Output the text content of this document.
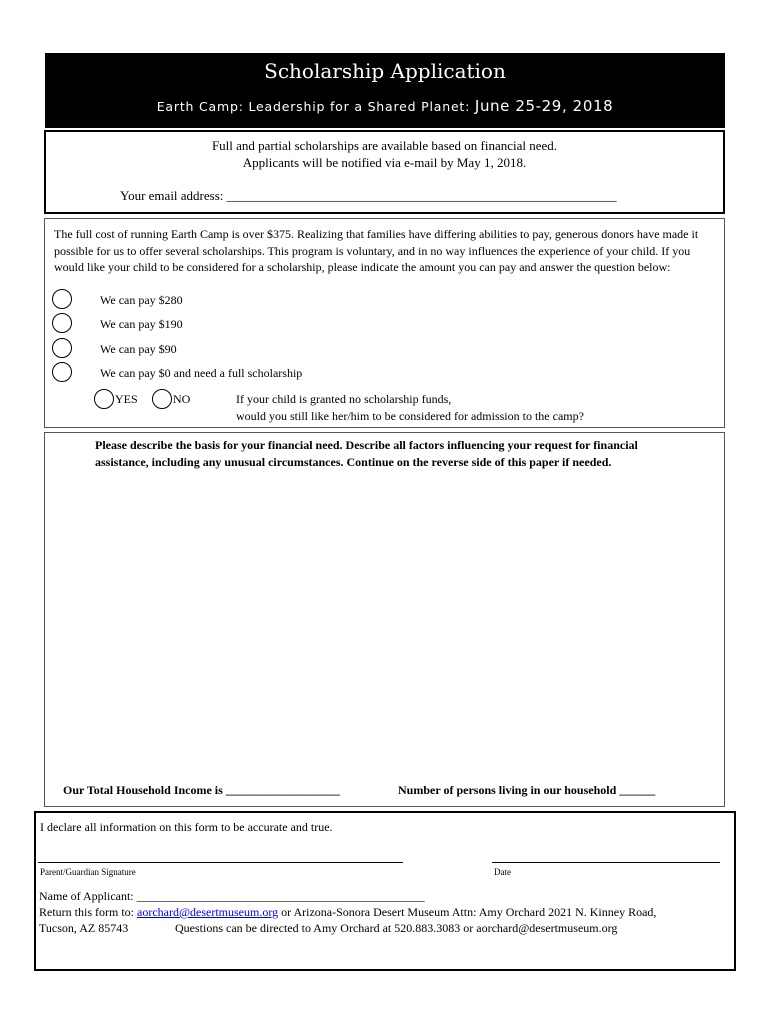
Scholarship Application
Earth Camp: Leadership for a Shared Planet: June 25-29, 2018
Full and partial scholarships are available based on financial need.
Applicants will be notified via e-mail by May 1, 2018.
Your email address: ____________________________________________________________
The full cost of running Earth Camp is over $375. Realizing that families have differing abilities to pay, generous donors have made it possible for us to offer several scholarships. This program is voluntary, and in no way influences the experience of your child. If you would like your child to be considered for a scholarship, please indicate the amount you can pay and answer the question below:
We can pay $280
We can pay $190
We can pay $90
We can pay $0 and need a full scholarship
YES	NO	If your child is granted no scholarship funds,
would you still like her/him to be considered for admission to the camp?
Please describe the basis for your financial need. Describe all factors influencing your request for financial assistance, including any unusual circumstances. Continue on the reverse side of this paper if needed.
Our Total Household Income is ___________________	Number of persons living in our household ______
I declare all information on this form to be accurate and true.
Parent/Guardian Signature	Date
Name of Applicant: ________________________________________________
Return this form to: aorchard@desertmuseum.org or Arizona-Sonora Desert Museum Attn: Amy Orchard 2021 N. Kinney Road,
Tucson, AZ 85743	Questions can be directed to Amy Orchard at 520.883.3083 or aorchard@desertmuseum.org
